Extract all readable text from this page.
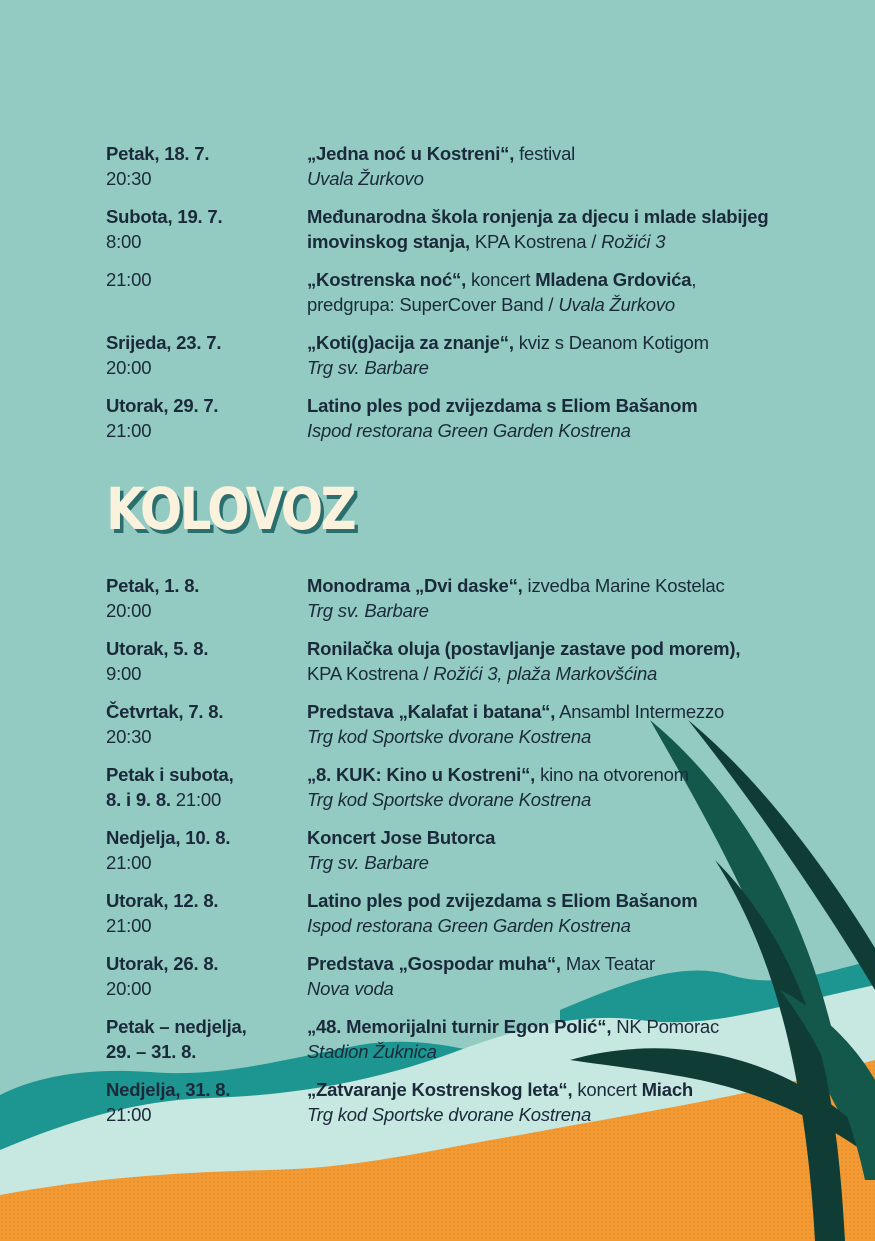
Petak, 18. 7.
20:30
„Jedna noć u Kostreni“, festival
Uvala Žurkovo
Subota, 19. 7.
8:00
Međunarodna škola ronjenja za djecu i mlade slabijeg
imovinskog stanja, KPA Kostrena / Rožići 3
21:00	„Kostrenska noć“, koncert Mladena Grdovića,
predgrupa: SuperCover Band / Uvala Žurkovo
Srijeda, 23. 7.
20:00
„Koti(g)acija za znanje“, kviz s Deanom Kotigom
Trg sv. Barbare
Utorak, 29. 7.
21:00
Latino ples pod zvijezdama s Eliom Bašanom
Ispod restorana Green Garden Kostrena
KOLOVOZ
Petak, 1. 8.
20:00
Monodrama „Dvi daske“, izvedba Marine Kostelac
Trg sv. Barbare
Utorak, 5. 8.
9:00
Ronilačka oluja (postavljanje zastave pod morem),
KPA Kostrena / Rožići 3, plaža Markovšćina
Četvrtak, 7. 8.
20:30
Predstava „Kalafat i batana“, Ansambl Intermezzo
Trg kod Sportske dvorane Kostrena
Petak i subota,
8. i 9. 8. 21:00
„8. KUK: Kino u Kostreni“, kino na otvorenom
Trg kod Sportske dvorane Kostrena
Nedjelja, 10. 8.
21:00
Koncert Jose Butorca
Trg sv. Barbare
Utorak, 12. 8.
21:00
Latino ples pod zvijezdama s Eliom Bašanom
Ispod restorana Green Garden Kostrena
Utorak, 26. 8.
20:00
Predstava „Gospodar muha“, Max Teatar
Nova voda
Petak – nedjelja,
29. – 31. 8.
„48. Memorijalni turnir Egon Polić“, NK Pomorac
Stadion Žuknica
Nedjelja, 31. 8.
21:00
„Zatvaranje Kostrenskog leta“, koncert Miach
Trg kod Sportske dvorane Kostrena
